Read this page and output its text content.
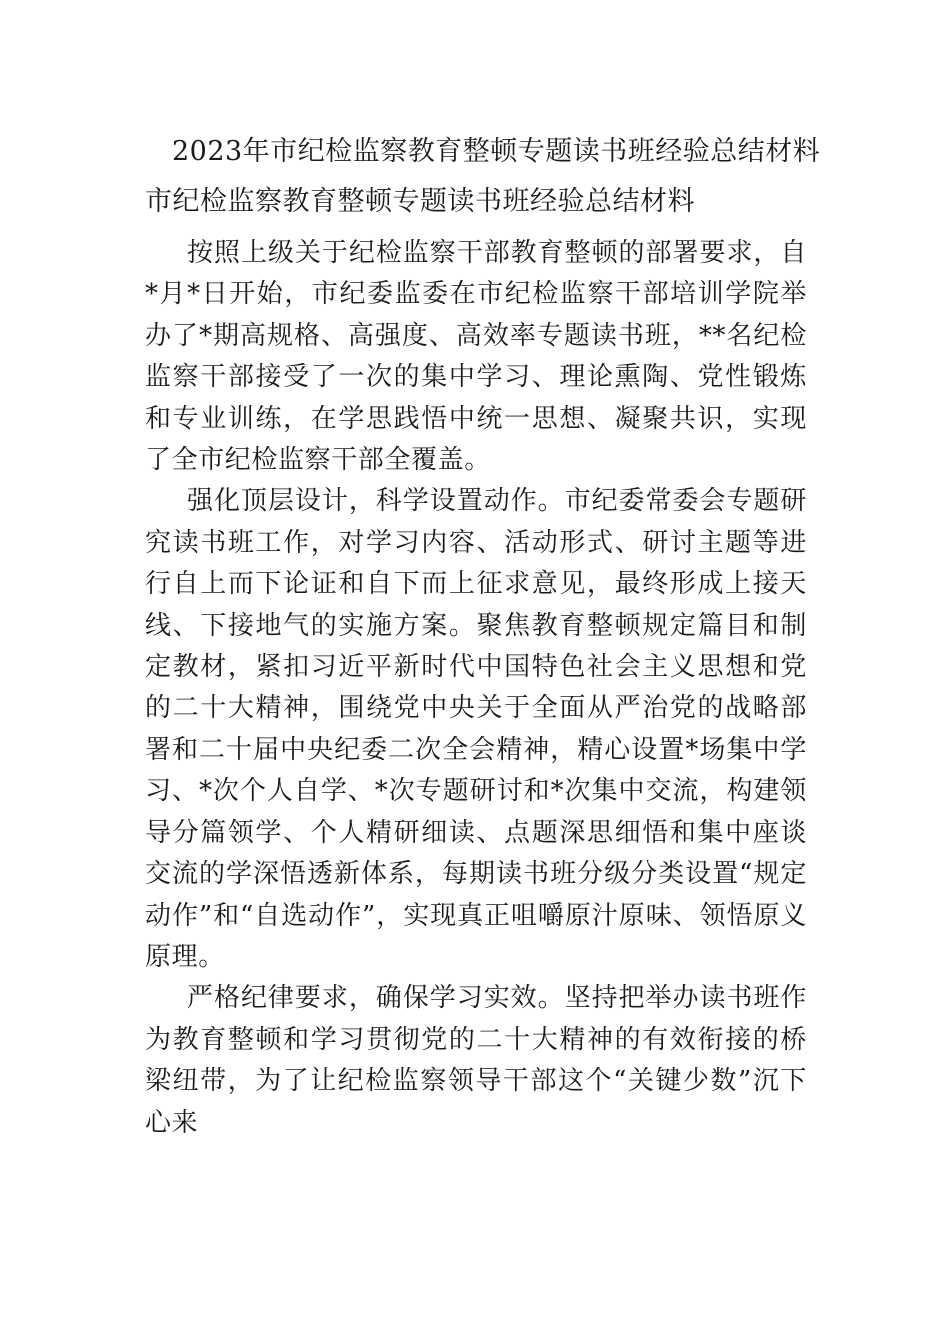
2023年市纪检监察教育整顿专题读书班经验总结材料
市纪检监察教育整顿专题读书班经验总结材料

按照上级关于纪检监察干部教育整顿的部署要求，自*月*日开始，市纪委监委在市纪检监察干部培训学院举办了*期高规格、高强度、高效率专题读书班，**名纪检监察干部接受了一次的集中学习、理论熏陶、党性锻炼和专业训练，在学思践悟中统一思想、凝聚共识，实现了全市纪检监察干部全覆盖。

强化顶层设计，科学设置动作。市纪委常委会专题研究读书班工作，对学习内容、活动形式、研讨主题等进行自上而下论证和自下而上征求意见，最终形成上接天线、下接地气的实施方案。聚焦教育整顿规定篇目和制定教材，紧扣习近平新时代中国特色社会主义思想和党的二十大精神，围绕党中央关于全面从严治党的战略部署和二十届中央纪委二次全会精神，精心设置*场集中学习、*次个人自学、*次专题研讨和*次集中交流，构建领导分篇领学、个人精研细读、点题深思细悟和集中座谈交流的学深悟透新体系，每期读书班分级分类设置“规定动作”和“自选动作”，实现真正咀嚼原汁原味、领悟原义原理。

严格纪律要求，确保学习实效。坚持把举办读书班作为教育整顿和学习贯彻党的二十大精神的有效衔接的桥梁纽带，为了让纪检监察领导干部这个“关键少数”沉下心来
